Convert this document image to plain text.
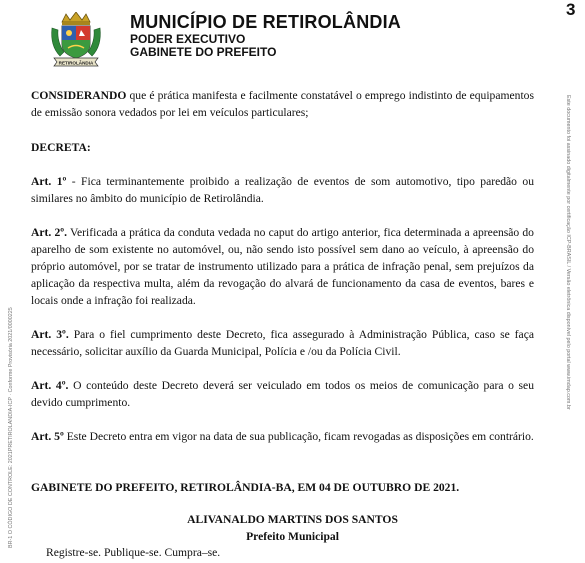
RETIROLÂNDIA
MUNICÍPIO DE RETIROLÂNDIA
PODER EXECUTIVO
GABINETE DO PREFEITO
3
BR-1 O CÓDIGO DE CONTROLE: 2021PRETIROLANDIA-ICP · Conforme Provisória 2021/0000225
Este documento foi assinado digitalmente por certificação ICP-BRASIL / Versão eletrônica disponível pelo portal www.imdap.com.br
CONSIDERANDO que é prática manifesta e facilmente constatável o emprego indistinto de equipamentos de emissão sonora vedados por lei em veículos particulares;
DECRETA:
Art. 1º - Fica terminantemente proibido a realização de eventos de som automotivo, tipo paredão ou similares no âmbito do município de Retirolândia.
Art. 2º. Verificada a prática da conduta vedada no caput do artigo anterior, fica determinada a apreensão do aparelho de som existente no automóvel, ou, não sendo isto possível sem dano ao veículo, à apreensão do próprio automóvel, por se tratar de instrumento utilizado para a prática de infração penal, sem prejuízos da aplicação da respectiva multa, além da revogação do alvará de funcionamento da casa de eventos, bares e locais onde a infração foi realizada.
Art. 3º. Para o fiel cumprimento deste Decreto, fica assegurado à Administração Pública, caso se faça necessário, solicitar auxílio da Guarda Municipal, Polícia e /ou da Polícia Civil.
Art. 4º. O conteúdo deste Decreto deverá ser veiculado em todos os meios de comunicação para o seu devido cumprimento.
Art. 5º Este Decreto entra em vigor na data de sua publicação, ficam revogadas as disposições em contrário.
GABINETE DO PREFEITO, RETIROLÂNDIA-BA, EM 04 DE OUTUBRO DE 2021.
ALIVANALDO MARTINS DOS SANTOS
Prefeito Municipal
Registre-se. Publique-se. Cumpra–se.
